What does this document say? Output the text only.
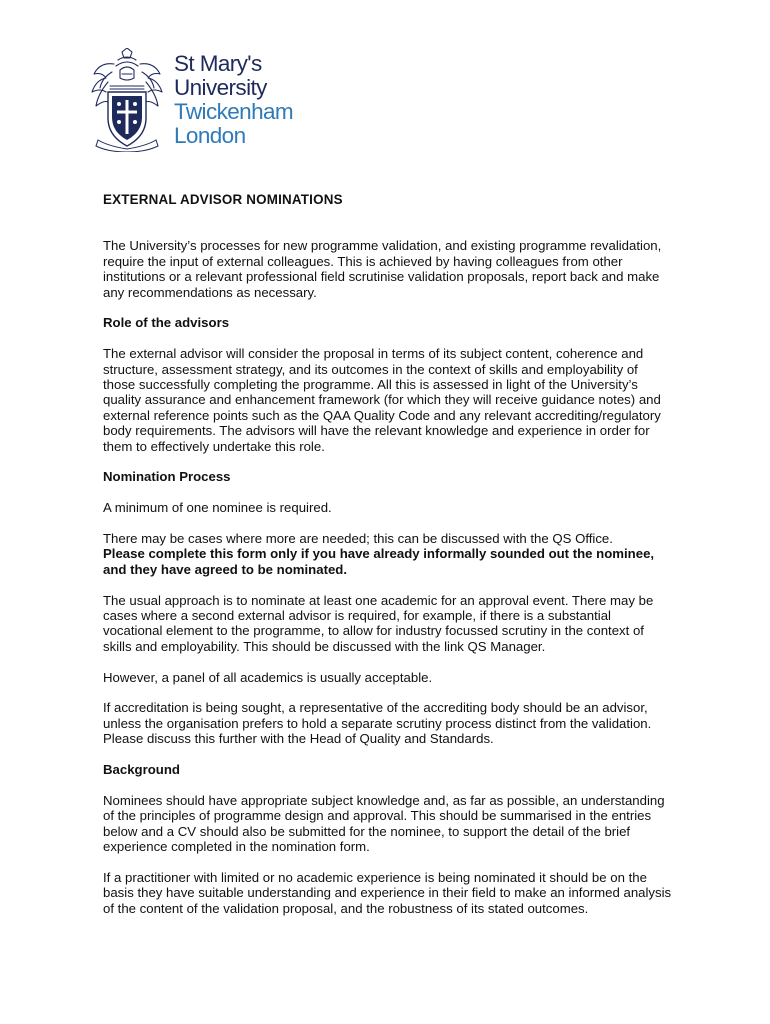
St Mary's
University
Twickenham
London
EXTERNAL ADVISOR NOMINATIONS

The University’s processes for new programme validation, and existing programme revalidation, require the input of external colleagues. This is achieved by having colleagues from other institutions or a relevant professional field scrutinise validation proposals, report back and make any recommendations as necessary.

Role of the advisors

The external advisor will consider the proposal in terms of its subject content, coherence and structure, assessment strategy, and its outcomes in the context of skills and employability of those successfully completing the programme. All this is assessed in light of the University’s quality assurance and enhancement framework (for which they will receive guidance notes) and external reference points such as the QAA Quality Code and any relevant accrediting/regulatory body requirements. The advisors will have the relevant knowledge and experience in order for them to effectively undertake this role.

Nomination Process

A minimum of one nominee is required.

There may be cases where more are needed; this can be discussed with the QS Office.
Please complete this form only if you have already informally sounded out the nominee, and they have agreed to be nominated.

The usual approach is to nominate at least one academic for an approval event. There may be cases where a second external advisor is required, for example, if there is a substantial vocational element to the programme, to allow for industry focussed scrutiny in the context of skills and employability. This should be discussed with the link QS Manager.

However, a panel of all academics is usually acceptable.

If accreditation is being sought, a representative of the accrediting body should be an advisor, unless the organisation prefers to hold a separate scrutiny process distinct from the validation. Please discuss this further with the Head of Quality and Standards.

Background

Nominees should have appropriate subject knowledge and, as far as possible, an understanding of the principles of programme design and approval. This should be summarised in the entries below and a CV should also be submitted for the nominee, to support the detail of the brief experience completed in the nomination form.

If a practitioner with limited or no academic experience is being nominated it should be on the basis they have suitable understanding and experience in their field to make an informed analysis of the content of the validation proposal, and the robustness of its stated outcomes.
